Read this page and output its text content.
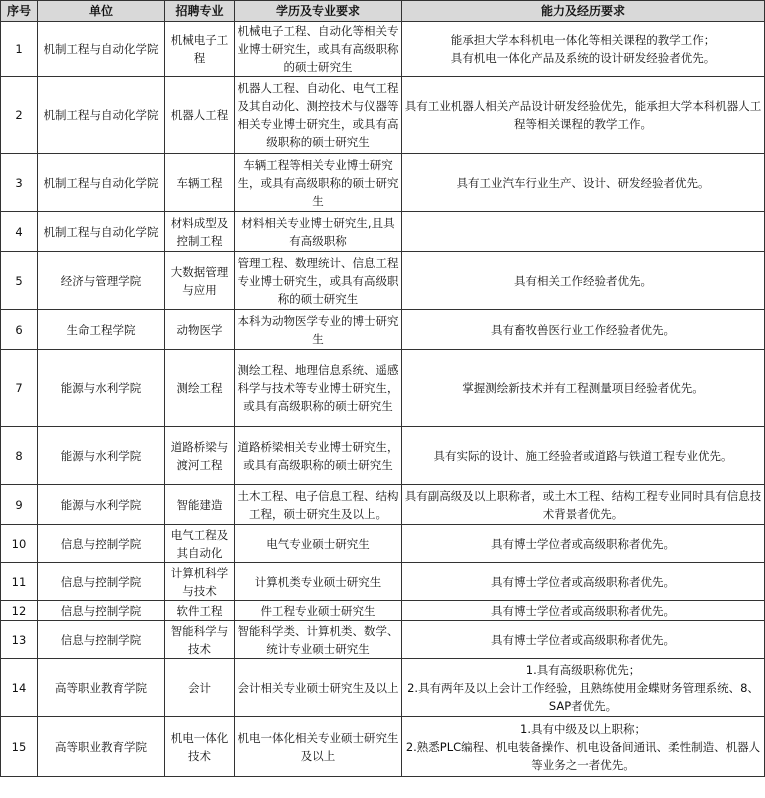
序号	单位	招聘专业	学历及专业要求	能力及经历要求
1	机制工程与自动化学院	机械电子工程	机械电子工程、自动化等相关专业博士研究生，或具有高级职称的硕士研究生	能承担大学本科机电一体化等相关课程的教学工作；
具有机电一体化产品及系统的设计研发经验者优先。
2	机制工程与自动化学院	机器人工程	机器人工程、自动化、电气工程及其自动化、测控技术与仪器等相关专业博士研究生，或具有高级职称的硕士研究生	具有工业机器人相关产品设计研发经验优先，能承担大学本科机器人工程等相关课程的教学工作。
3	机制工程与自动化学院	车辆工程	车辆工程等相关专业博士研究生，或具有高级职称的硕士研究生	具有工业汽车行业生产、设计、研发经验者优先。
4	机制工程与自动化学院	材料成型及控制工程	材料相关专业博士研究生,且具有高级职称	
5	经济与管理学院	大数据管理与应用	管理工程、数理统计、信息工程专业博士研究生，或具有高级职称的硕士研究生	具有相关工作经验者优先。
6	生命工程学院	动物医学	本科为动物医学专业的博士研究生	具有畜牧兽医行业工作经验者优先。
7	能源与水利学院	测绘工程	测绘工程、地理信息系统、遥感科学与技术等专业博士研究生，或具有高级职称的硕士研究生	掌握测绘新技术并有工程测量项目经验者优先。
8	能源与水利学院	道路桥梁与渡河工程	道路桥梁相关专业博士研究生，或具有高级职称的硕士研究生	具有实际的设计、施工经验者或道路与铁道工程专业优先。
9	能源与水利学院	智能建造	土木工程、电子信息工程、结构工程，硕士研究生及以上。	具有副高级及以上职称者，或土木工程、结构工程专业同时具有信息技术背景者优先。
10	信息与控制学院	电气工程及其自动化	电气专业硕士研究生	具有博士学位者或高级职称者优先。
11	信息与控制学院	计算机科学与技术	计算机类专业硕士研究生	具有博士学位者或高级职称者优先。
12	信息与控制学院	软件工程	件工程专业硕士研究生	具有博士学位者或高级职称者优先。
13	信息与控制学院	智能科学与技术	智能科学类、计算机类、数学、统计专业硕士研究生	具有博士学位者或高级职称者优先。
14	高等职业教育学院	会计	会计相关专业硕士研究生及以上	1.具有高级职称优先；
2.具有两年及以上会计工作经验，且熟练使用金蝶财务管理系统、8、SAP者优先。
15	高等职业教育学院	机电一体化技术	机电一体化相关专业硕士研究生及以上	1.具有中级及以上职称；
2.熟悉PLC编程、机电装备操作、机电设备间通讯、柔性制造、机器人等业务之一者优先。
